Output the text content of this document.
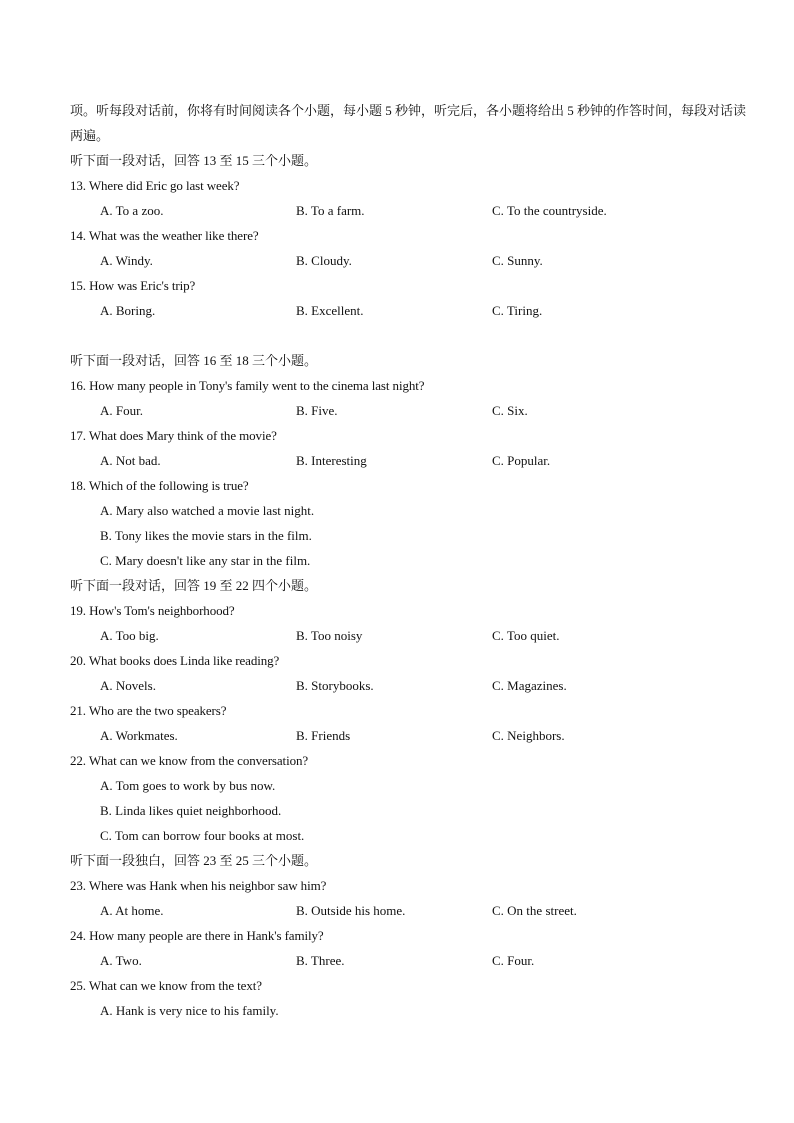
项。听每段对话前，你将有时间阅读各个小题，每小题 5 秒钟，听完后，各小题将给出 5 秒钟的作答时间，每段对话读两遍。
听下面一段对话，回答 13 至 15 三个小题。
13. Where did Eric go last week?
A. To a zoo.	B. To a farm.	C. To the countryside.
14. What was the weather like there?
A. Windy.	B. Cloudy.	C. Sunny.
15. How was Eric's trip?
A. Boring.	B. Excellent.	C. Tiring.
听下面一段对话，回答 16 至 18 三个小题。
16. How many people in Tony's family went to the cinema last night?
A. Four.	B. Five.	C. Six.
17. What does Mary think of the movie?
A. Not bad.	B. Interesting	C. Popular.
18. Which of the following is true?
A. Mary also watched a movie last night.
B. Tony likes the movie stars in the film.
C. Mary doesn't like any star in the film.
听下面一段对话，回答 19 至 22 四个小题。
19. How's Tom's neighborhood?
A. Too big.	B. Too noisy	C. Too quiet.
20. What books does Linda like reading?
A. Novels.	B. Storybooks.	C. Magazines.
21. Who are the two speakers?
A. Workmates.	B. Friends	C. Neighbors.
22. What can we know from the conversation?
A. Tom goes to work by bus now.
B. Linda likes quiet neighborhood.
C. Tom can borrow four books at most.
听下面一段独白，回答 23 至 25 三个小题。
23. Where was Hank when his neighbor saw him?
A. At home.	B. Outside his home.	C. On the street.
24. How many people are there in Hank's family?
A. Two.	B. Three.	C. Four.
25. What can we know from the text?
A. Hank is very nice to his family.
